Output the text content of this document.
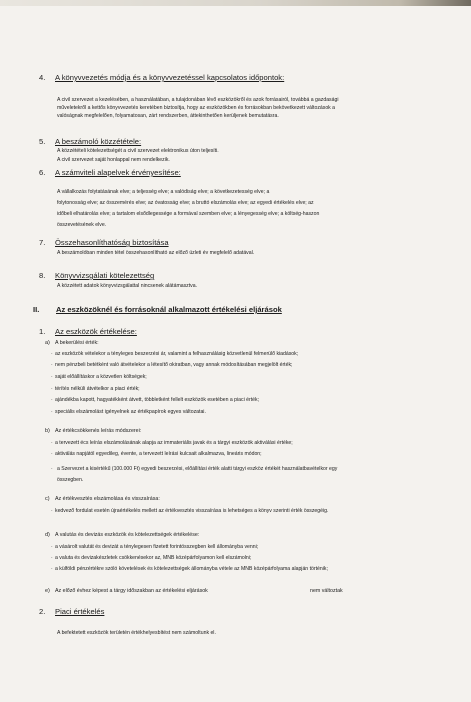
4. A könyvvezetés módja és a könyvvezetéssel kapcsolatos időpontok:
A civil szervezet a kezelésében, a használatában, a tulajdonában lévő eszközökről és azok forrásairól, továbbá a gazdasági
műveletekről a kettős könyvvezetés keretében biztosítja, hogy az eszközökben és forrásokban bekövetkezett változások a
valóságnak megfelelően, folyamatosan, zárt rendszerben, áttekinthetően kerüljenek bemutatásra.
5. A beszámoló közzététele:
A közzétételi kötelezettségét a civil szervezet elektronikus úton teljesíti.
A civil szervezet saját honlappal nem rendelkezik.
6. A számviteli alapelvek érvényesítése:
A vállalkozás folytatásának elve; a teljesség elve; a valódiság elve; a következetesség elve; a
folytonosság elve; az összemérés elve; az óvatosság elve; a bruttó elszámolás elve; az egyedi értékelés elve; az
időbeli elhatárolás elve; a tartalom elsődlegessége a formával szemben elve; a lényegesség elve; a költség-haszon
összevetésének elve.
7. Összehasonlíthatóság biztosítása
A beszámolóban minden tétel összehasonlítható az előző üzleti év megfelelő adatával.
8. Könyvvizsgálati kötelezettség
A közzétett adatok könyvvizsgálattal nincsenek alátámasztva.
II. Az eszközöknél és forrásoknál alkalmazott értékelési eljárások
1. Az eszközök értékelése:
a) A bekerülési érték:
· az eszközök vételekor a tényleges beszerzési ár, valamint a felhasználásig közvetlenül felmerülő kiadások;
· nem pénzbeli betétként való átvételekor a létesítő okiratban, vagy annak módosításában megjelölt érték;
· saját előállításkor a közvetlen költségek;
· térítés nélküli átvételkor a piaci érték;
· ajándékba kapott, hagyatékként átvett, többletként fellelt eszközök esetében a piaci érték;
· speciális elszámolást igényelnek az értékpapírok egyes változatai.
b) Az értékcsökkenés leírás módszerei:
· a tervezett écs leírás elszámolásának alapja az immateriális javak és a tárgyi eszközök aktiválási értéke;
· aktiválás napjától egyedileg, évente, a tervezett leírási kulcsait alkalmazva, lineáris módon;
· a Szervezet a kisértékű (100.000 Ft) egyedi beszerzési, előállítási érték alatti tárgyi eszköz értékét használatbavételkor egy
összegben.
c) Az értékvesztés elszámolása és visszaírása:
· kedvező fordulat esetén újraértékelés mellett az értékvesztés visszaírása is lehetséges a könyv szerinti érték összegéig.
d) A valutás és devizás eszközök és kötelezettségek értékelése:
· a vásárolt valutát és devizát a ténylegesen fizetett forintösszegben kell állományba venni;
· a valuta és devizakészletek csökkenésekor az, MNB középárfolyamon kell elszámolni;
· a külföldi pénzértékre szóló követelések és kötelezettségek állományba vétele az MNB középárfolyama alapján történik;
e) Az előző évhez képest a tárgy időszakban az értékelési eljárások	nem változtak
2. Piaci értékelés
A befektetett eszközök területén értékhelyesbítést nem számoltunk el.
